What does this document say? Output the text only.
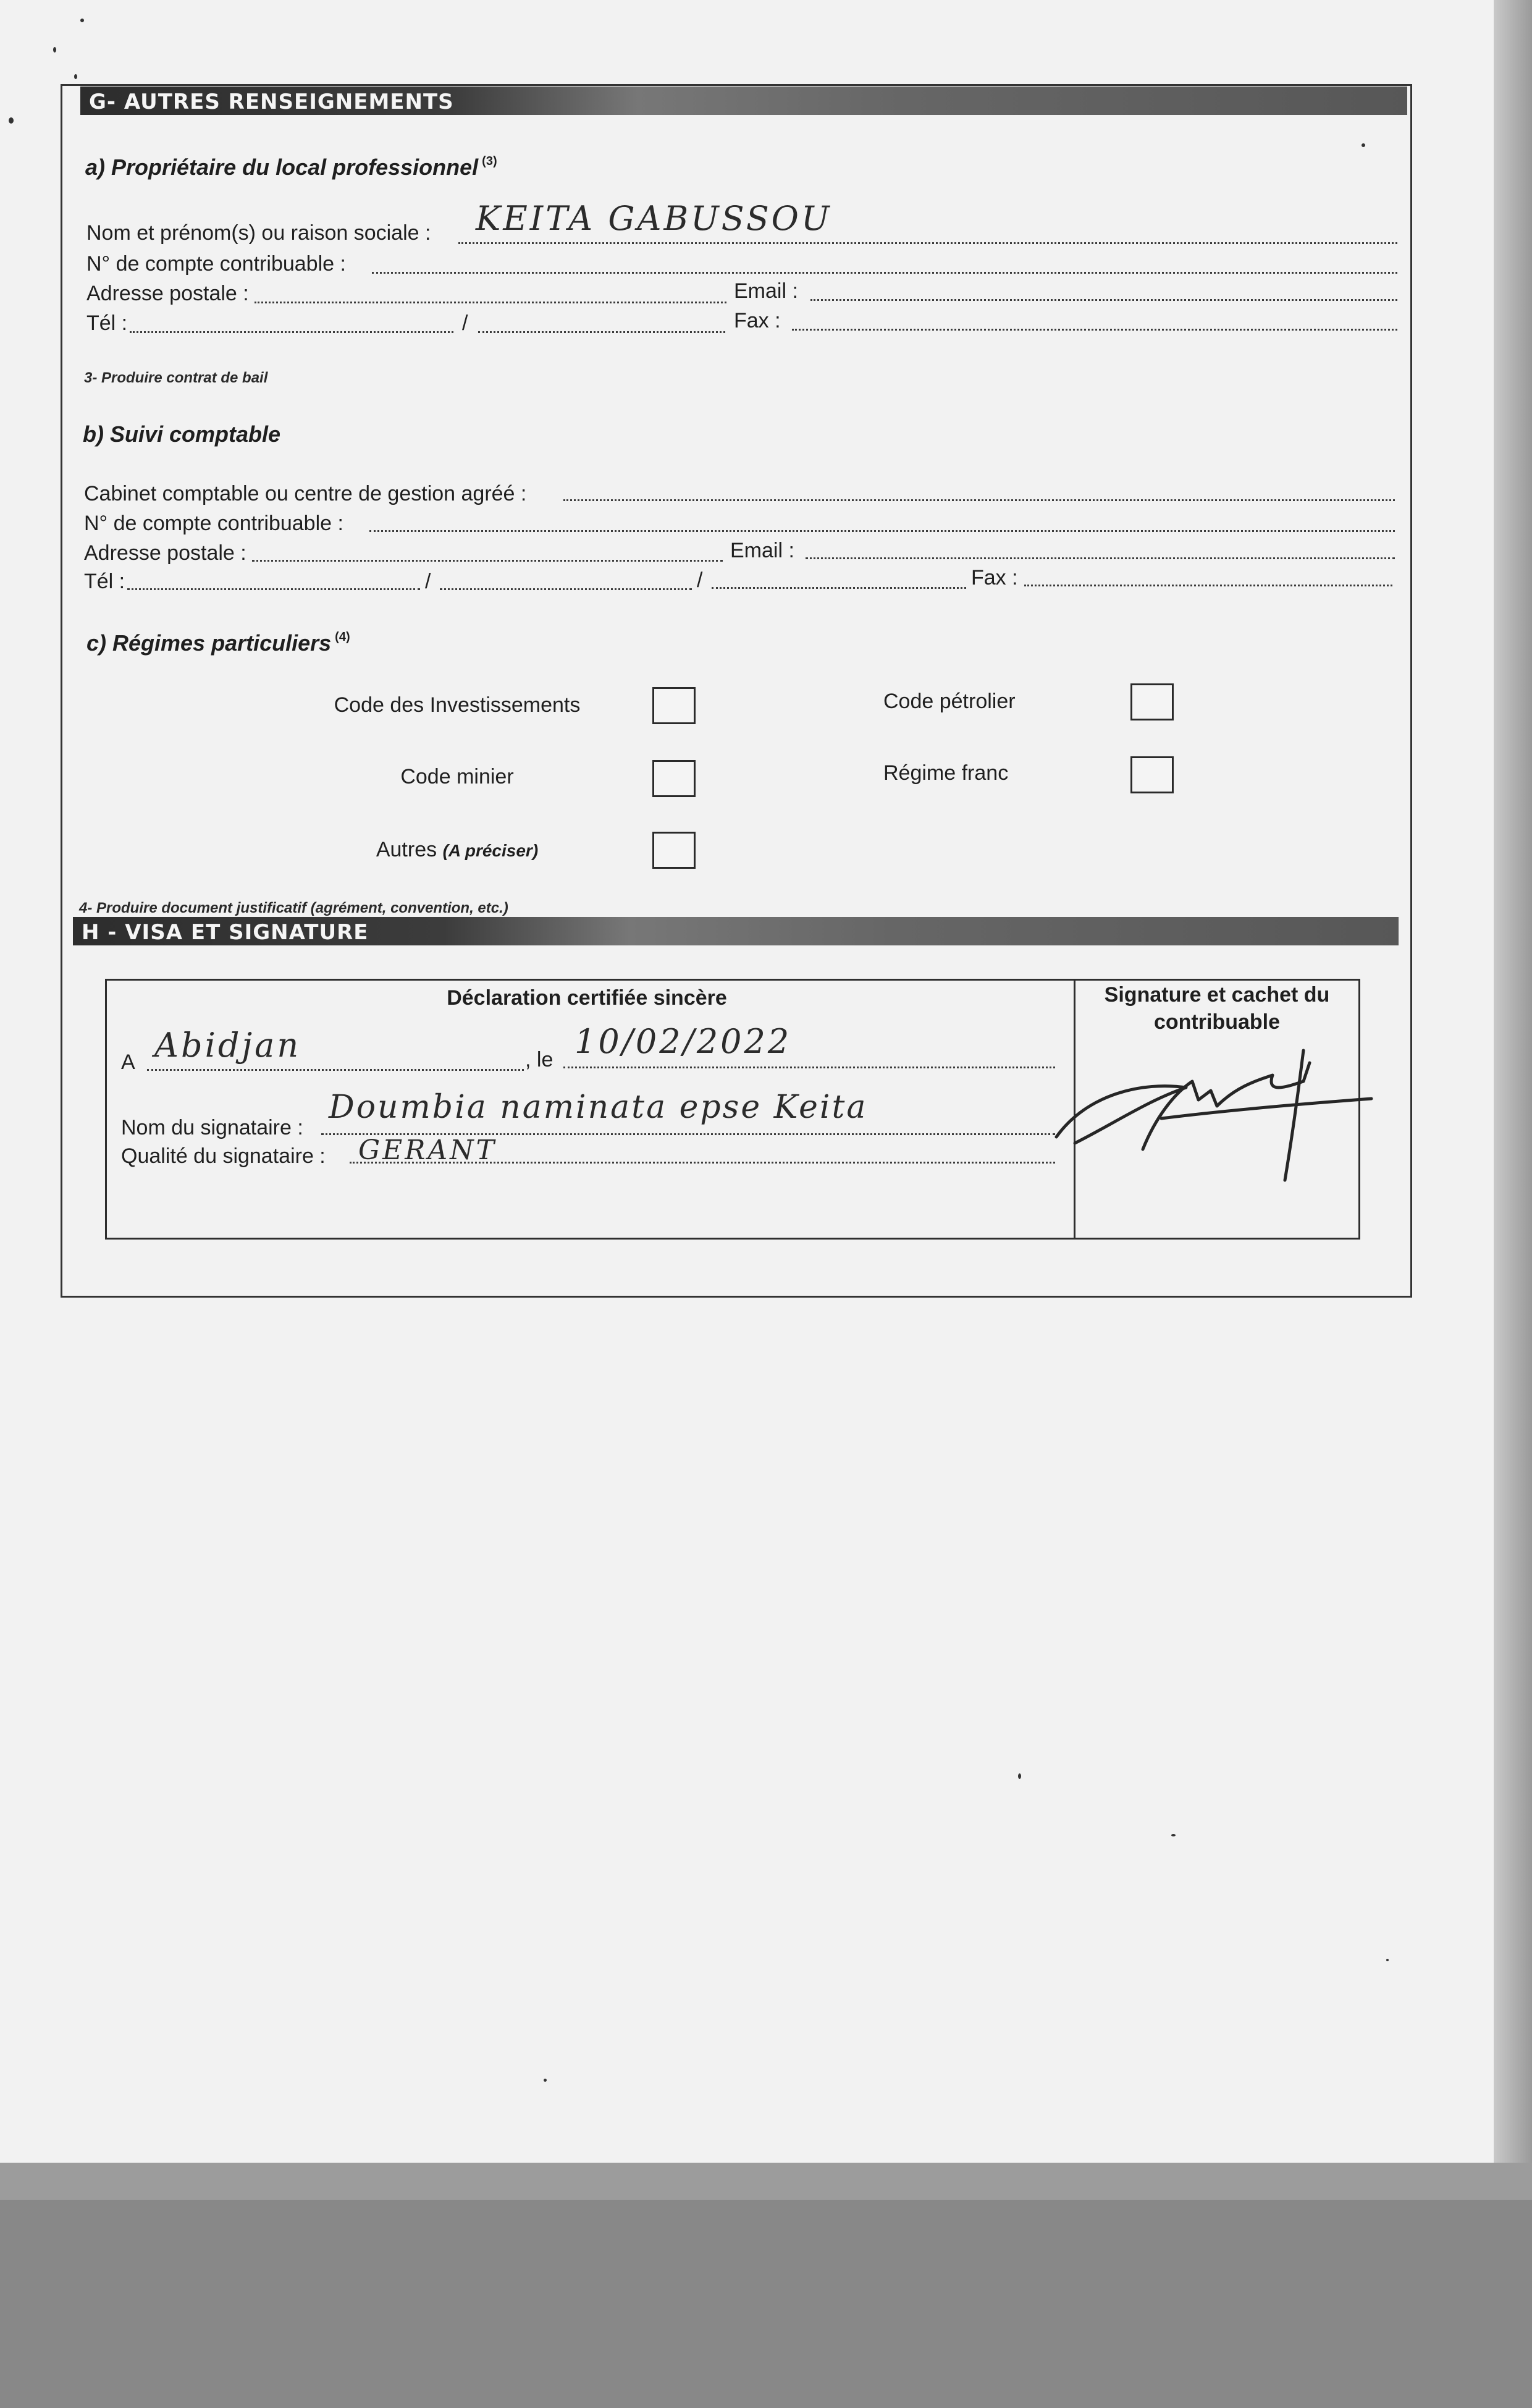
G- AUTRES RENSEIGNEMENTS
a) Propriétaire du local professionnel $^{(3)}$
Nom et prénom(s) ou raison sociale : KEITA GABUSSOU
N° de compte contribuable :
Adresse postale :	Email :
Tél :	/	Fax :
3- Produire contrat de bail
b) Suivi comptable
Cabinet comptable ou centre de gestion agréé :
N° de compte contribuable :
Adresse postale :	Email :
Tél :	/	/	Fax :
c) Régimes particuliers $^{(4)}$
Code des Investissements	Code pétrolier
Code minier	Régime franc
Autres (A préciser)
4- Produire document justificatif (agrément, convention, etc.)
H - VISA ET SIGNATURE
Déclaration certifiée sincère
A Abidjan	, le 10/02/2022
Nom du signataire :
Doumbia naminata epse Keita
Qualité du signataire : GERANT
Signature et cachet du contribuable
